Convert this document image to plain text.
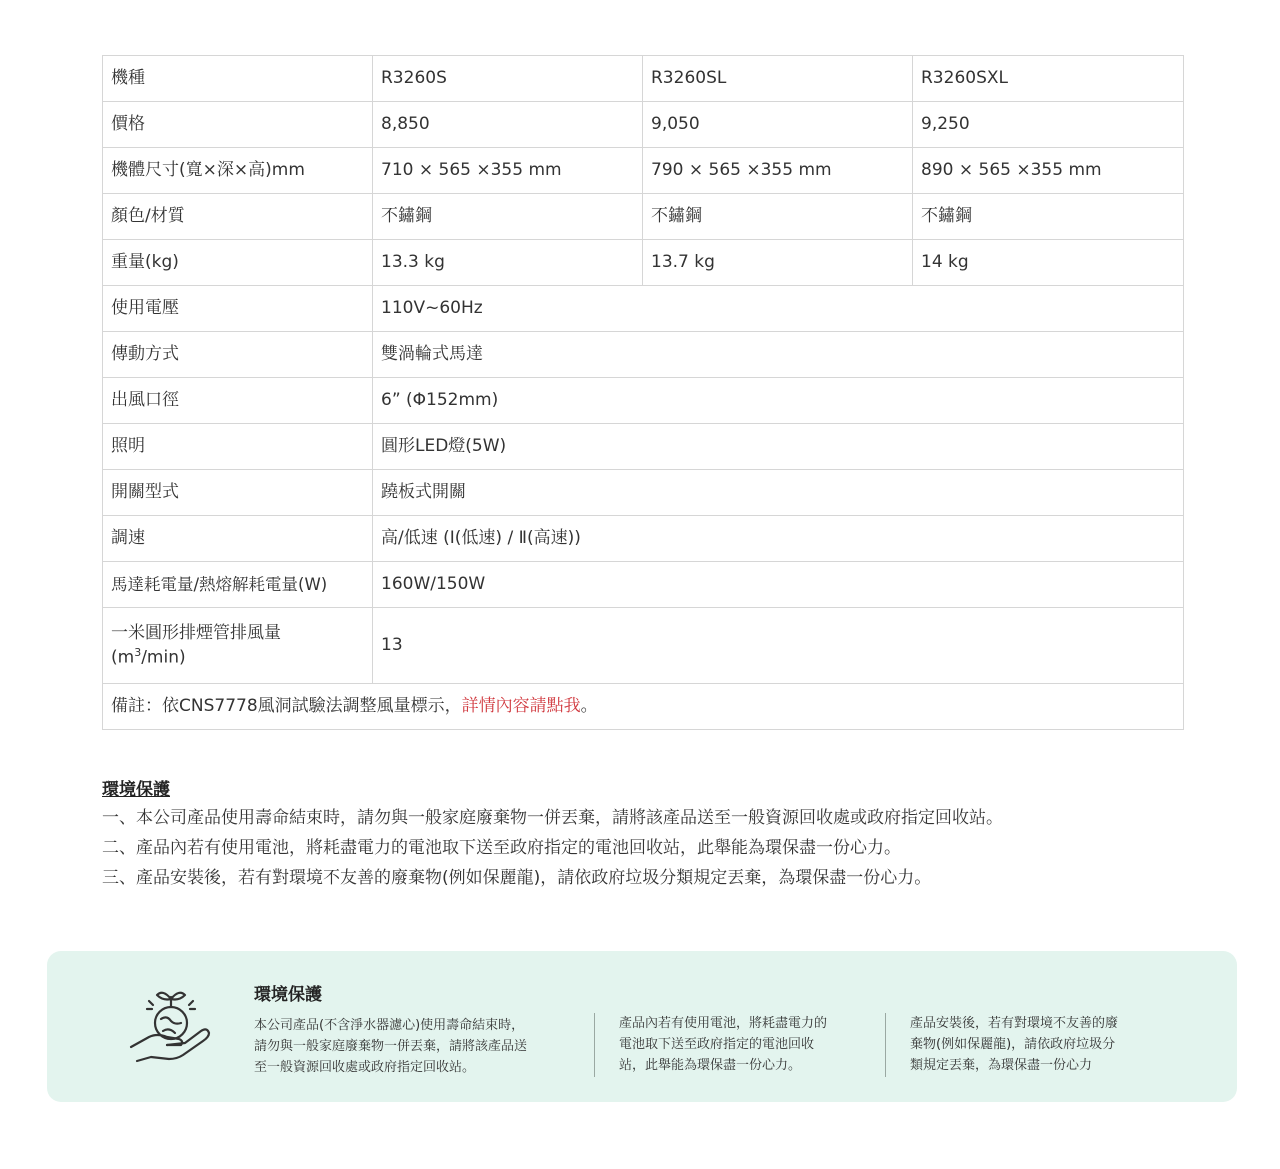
機種	R3260S	R3260SL	R3260SXL
價格	8,850	9,050	9,250
機體尺寸(寬×深×高)mm	710 × 565 ×355 mm	790 × 565 ×355 mm	890 × 565 ×355 mm
顏色/材質	不鏽鋼	不鏽鋼	不鏽鋼
重量(kg)	13.3 kg	13.7 kg	14 kg
使用電壓	110V~60Hz		
傳動方式	雙渦輪式馬達		
出風口徑	6” (Φ152mm)		
照明	圓形LED燈(5W)		
開關型式	蹺板式開關		
調速	高/低速 (Ⅰ(低速) / Ⅱ(高速))		
馬達耗電量/熱熔解耗電量(W)	160W/150W		
一米圓形排煙管排風量
$(m^3/\min)$	13		
備註：依CNS7778風洞試驗法調整風量標示，詳情內容請點我。			
環境保護

一、本公司產品使用壽命結束時，請勿與一般家庭廢棄物一併丟棄，請將該產品送至一般資源回收處或政府指定回收站。

二、產品內若有使用電池，將耗盡電力的電池取下送至政府指定的電池回收站，此舉能為環保盡一份心力。

三、產品安裝後，若有對環境不友善的廢棄物(例如保麗龍)，請依政府垃圾分類規定丟棄，為環保盡一份心力。

環境保護
本公司產品(不含淨水器濾心)使用壽命結束時，
請勿與一般家庭廢棄物一併丟棄，請將該產品送
至一般資源回收處或政府指定回收站。
產品內若有使用電池，將耗盡電力的
電池取下送至政府指定的電池回收
站，此舉能為環保盡一份心力。
產品安裝後，若有對環境不友善的廢
棄物(例如保麗龍)，請依政府垃圾分
類規定丟棄，為環保盡一份心力
